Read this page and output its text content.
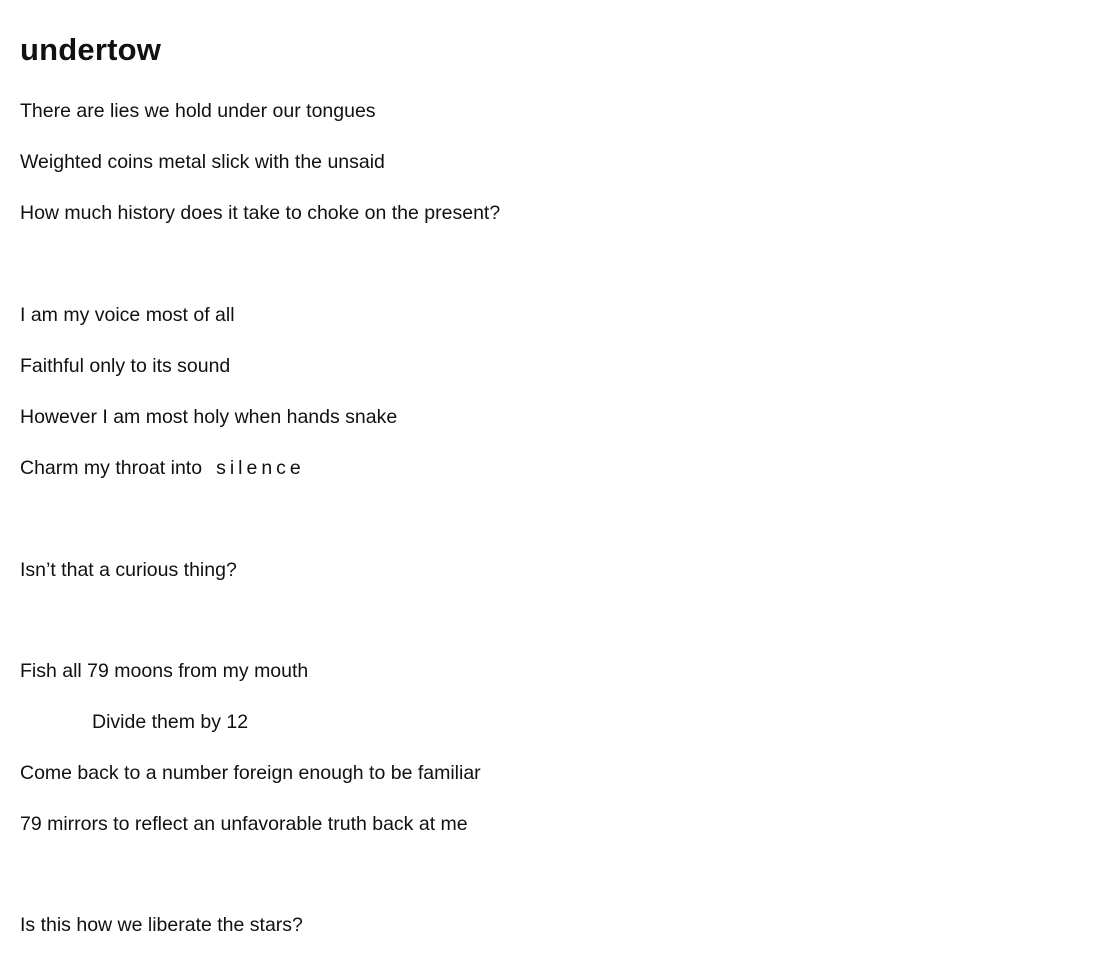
undertow

There are lies we hold under our tongues

Weighted coins metal slick with the unsaid

How much history does it take to choke on the present?

I am my voice most of all

Faithful only to its sound

However I am most holy when hands snake

Charm my throat into silence

Isn’t that a curious thing?

Fish all 79 moons from my mouth

Divide them by 12

Come back to a number foreign enough to be familiar

79 mirrors to reflect an unfavorable truth back at me

Is this how we liberate the stars?
